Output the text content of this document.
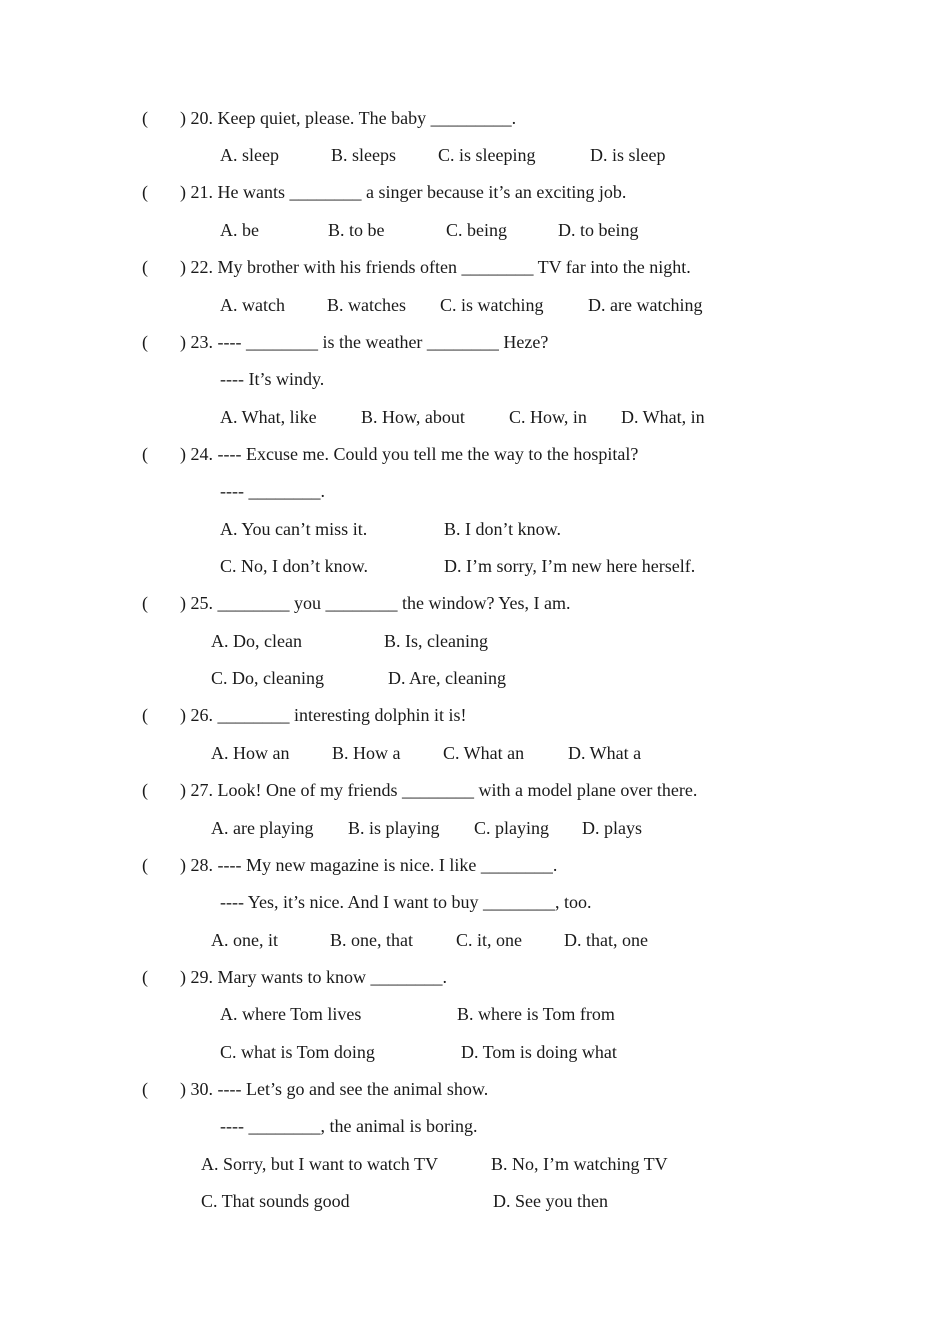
( ) 20. Keep quiet, please. The baby _________.
A. sleep	B. sleeps C. is sleeping	D. is sleep
( ) 21. He wants ________ a singer because it’s an exciting job.
A. be	B. to be	C. being	D. to being
( ) 22. My brother with his friends often ________ TV far into the night.
A. watch B. watches C. is watching D. are watching
( ) 23. ---- ________ is the weather ________ Heze?
---- It’s windy.
A. What, like B. How, about C. How, in D. What, in
( ) 24. ---- Excuse me. Could you tell me the way to the hospital?
---- ________.
A. You can’t miss it.	B. I don’t know.
C. No, I don’t know.	D. I’m sorry, I’m new here herself.
( ) 25. ________ you ________ the window? Yes, I am.
A. Do, clean	B. Is, cleaning
C. Do, cleaning	D. Are, cleaning
( ) 26. ________ interesting dolphin it is!
A. How an B. How a C. What an D. What a
( ) 27. Look! One of my friends ________ with a model plane over there.
A. are playing B. is playing C. playing D. plays
( ) 28. ---- My new magazine is nice. I like ________.
---- Yes, it’s nice. And I want to buy ________, too.
A. one, it	B. one, that C. it, one D. that, one
( ) 29. Mary wants to know ________.
A. where Tom lives	B. where is Tom from
C. what is Tom doing	D. Tom is doing what
( ) 30. ---- Let’s go and see the animal show.
---- ________, the animal is boring.
A. Sorry, but I want to watch TV	B. No, I’m watching TV
C. That sounds good	D. See you then
